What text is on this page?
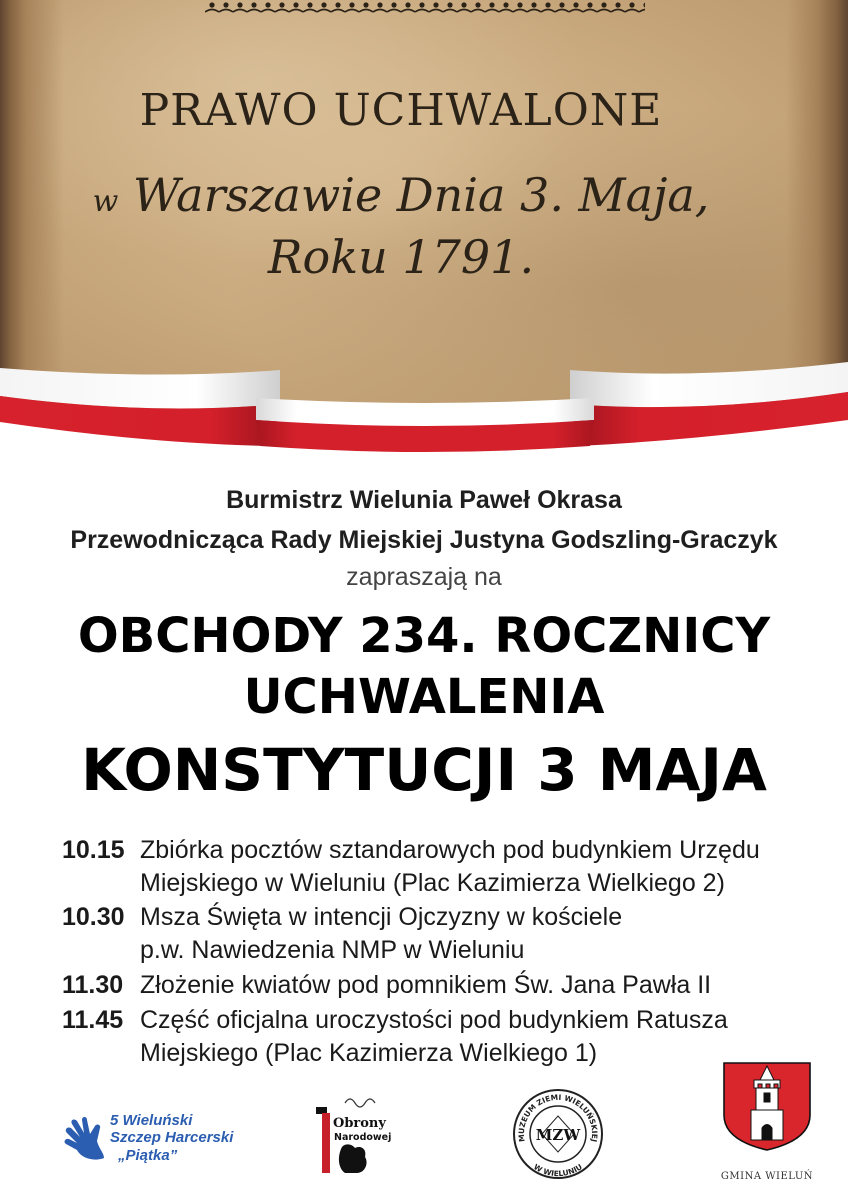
PRAWO UCHWALONE
w Warszawie Dnia 3. Maja,
Roku 1791.
Burmistrz Wielunia Paweł Okrasa
Przewodnicząca Rady Miejskiej Justyna Godszling-Graczyk
zapraszają na
OBCHODY 234. ROCZNICY
UCHWALENIA
KONSTYTUCJI 3 MAJA
10.15 Zbiórka pocztów sztandarowych pod budynkiem Urzędu
Miejskiego w Wieluniu (Plac Kazimierza Wielkiego 2)
10.30 Msza Święta w intencji Ojczyzny w kościele
p.w. Nawiedzenia NMP w Wieluniu
11.30 Złożenie kwiatów pod pomnikiem Św. Jana Pawła II
11.45 Część oficjalna uroczystości pod budynkiem Ratusza
Miejskiego (Plac Kazimierza Wielkiego 1)
5 Wieluński
Szczep Harcerski
„Piątka”
Obrony
Narodowej	MUZEUM ZIEMI WIELUŃSKIEJ
W WIELUNIU
MZW
GMINA WIELUŃ
